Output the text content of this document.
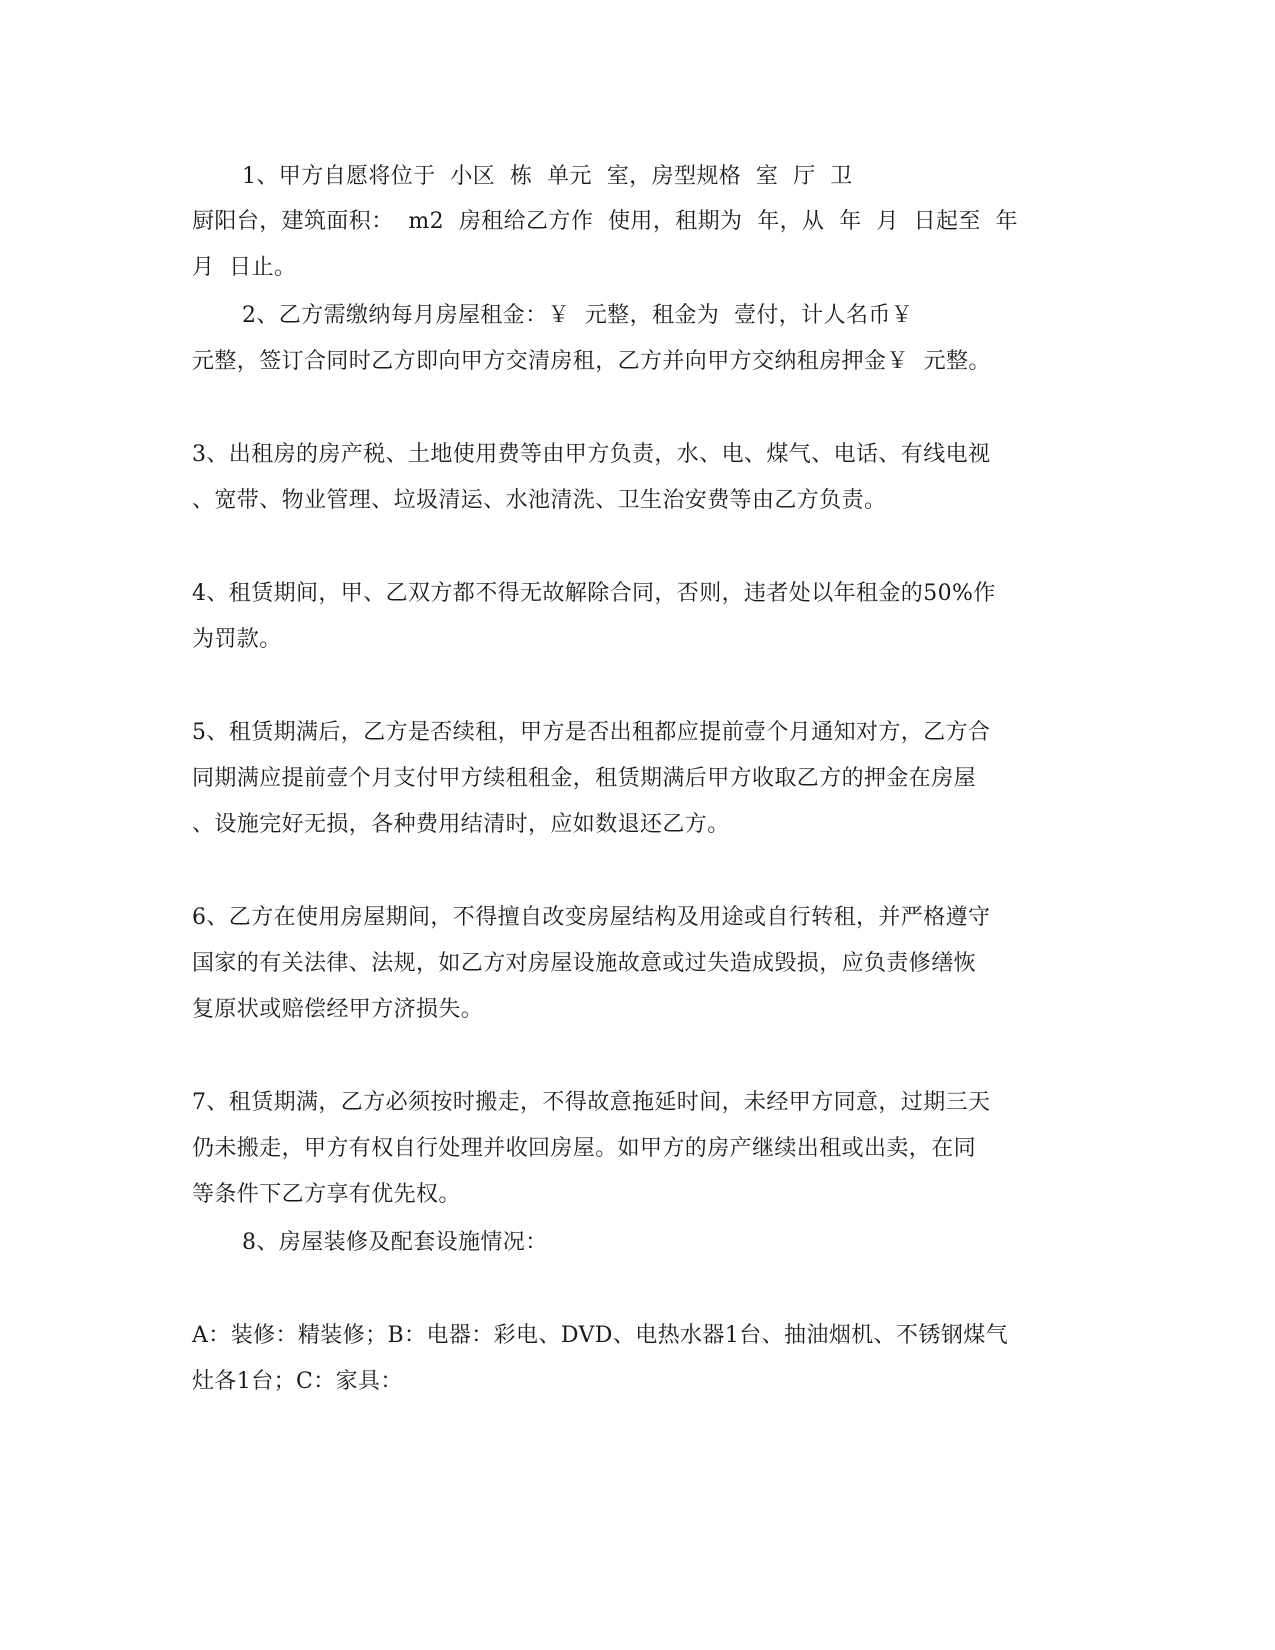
1、甲方自愿将位于  小区  栋  单元  室，房型规格  室  厅  卫
厨阳台，建筑面积：  m2  房租给乙方作  使用，租期为  年，从  年  月  日起至  年
月  日止。
2、乙方需缴纳每月房屋租金：￥  元整，租金为  壹付，计人名币￥
元整，签订合同时乙方即向甲方交清房租，乙方并向甲方交纳租房押金￥  元整。
3、出租房的房产税、土地使用费等由甲方负责，水、电、煤气、电话、有线电视
、宽带、物业管理、垃圾清运、水池清洗、卫生治安费等由乙方负责。
4、租赁期间，甲、乙双方都不得无故解除合同，否则，违者处以年租金的50%作
为罚款。
5、租赁期满后，乙方是否续租，甲方是否出租都应提前壹个月通知对方，乙方合
同期满应提前壹个月支付甲方续租租金，租赁期满后甲方收取乙方的押金在房屋
、设施完好无损，各种费用结清时，应如数退还乙方。
6、乙方在使用房屋期间，不得擅自改变房屋结构及用途或自行转租，并严格遵守
国家的有关法律、法规，如乙方对房屋设施故意或过失造成毁损，应负责修缮恢
复原状或赔偿经甲方济损失。
7、租赁期满，乙方必须按时搬走，不得故意拖延时间，未经甲方同意，过期三天
仍未搬走，甲方有权自行处理并收回房屋。如甲方的房产继续出租或出卖，在同
等条件下乙方享有优先权。
8、房屋装修及配套设施情况：
A：装修：精装修；B：电器：彩电、DVD、电热水器1台、抽油烟机、不锈钢煤气
灶各1台；C：家具：
